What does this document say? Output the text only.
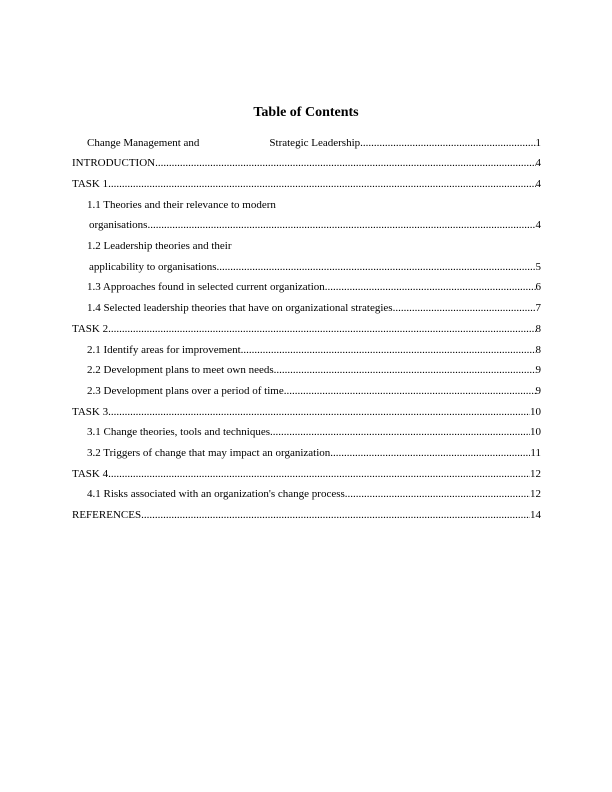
Table of Contents
Change Management and	Strategic Leadership .....	1
INTRODUCTION .....	4
TASK 1 .....	4
1.1 Theories and their relevance to modern
organisations .....	4
1.2 Leadership theories and their
applicability to organisations .....	5
1.3 Approaches found in selected current organization .....	6
1.4 Selected leadership theories that have on organizational strategies .....	7
TASK 2 .....	8
2.1 Identify areas for improvement .....	8
2.2 Development plans to meet own needs .....	9
2.3 Development plans over a period of time .....	9
TASK 3 .....	10
3.1 Change theories, tools and techniques .....	10
3.2 Triggers of change that may impact an organization .....	11
TASK 4 .....	12
4.1 Risks associated with an organization's change process .....	12
REFERENCES .....	14
